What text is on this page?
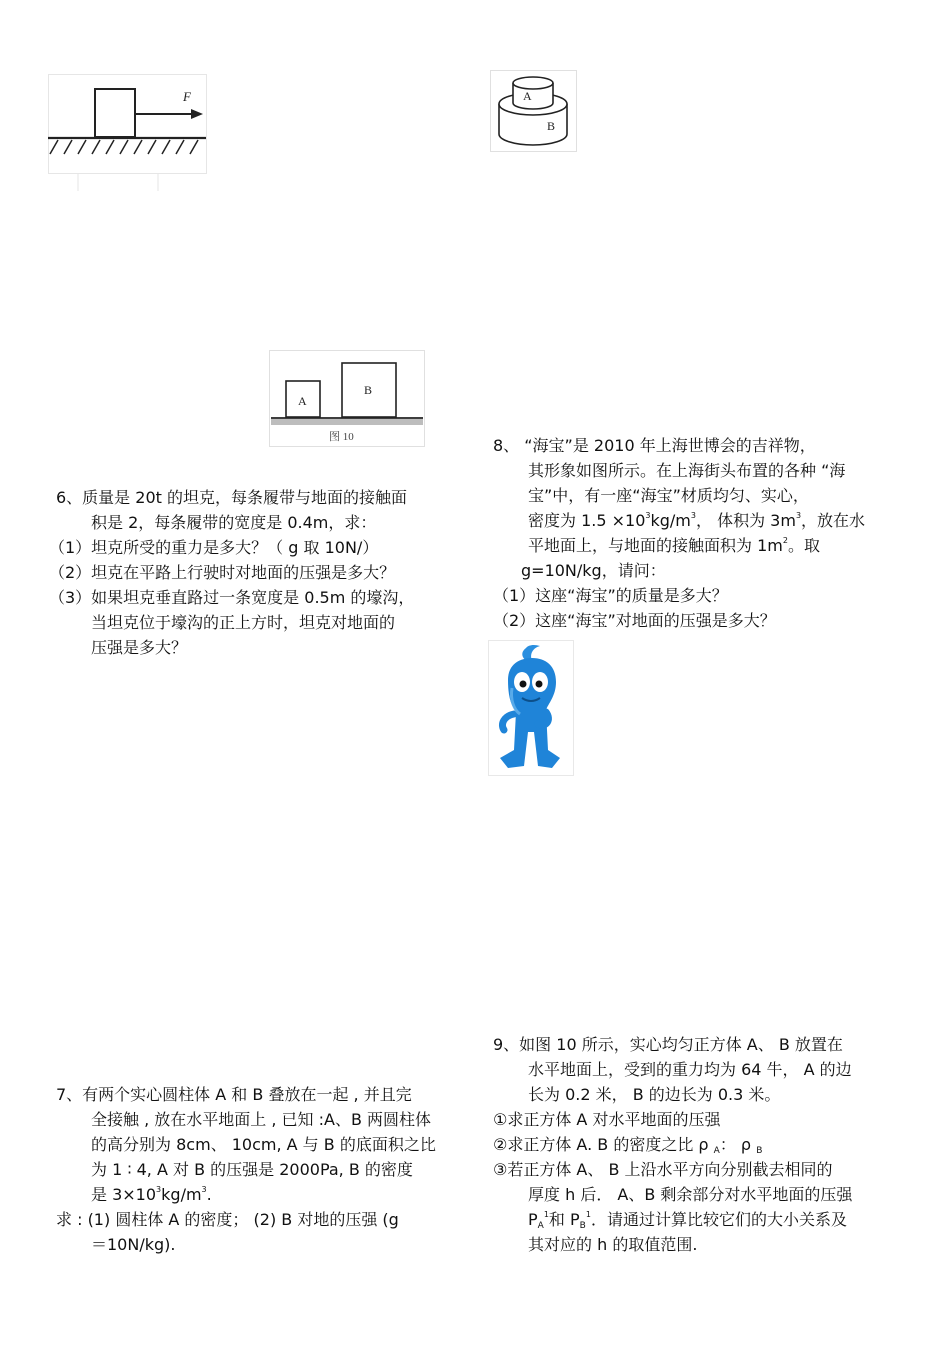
F	A
B
A
B
图 10
6、质量是 20t 的坦克，每条履带与地面的接触面
积是 2，每条履带的宽度是 0.4m，求：
（1）坦克所受的重力是多大？（ g 取 10N/）
（2）坦克在平路上行驶时对地面的压强是多大？
（3）如果坦克垂直路过一条宽度是 0.5m 的壕沟，
当坦克位于壕沟的正上方时，坦克对地面的
压强是多大？
7、有两个实心圆柱体 A 和 B 叠放在一起 , 并且完
全接触 , 放在水平地面上 , 已知 :A、B 两圆柱体
的高分别为 8cm、 10cm, A 与 B 的底面积之比
为 1 ∶ 4, A 对 B 的压强是 2000Pa, B 的密度
是 $3\times 10^3kg/m^3$.
求 : (1) 圆柱体 A 的密度； (2) B 对地的压强 (g
＝10N/kg).
8、 “海宝”是 2010 年上海世博会的吉祥物，
其形象如图所示。在上海街头布置的各种 “海
宝”中，有一座“海宝”材质均匀、实心，
密度为 $1.5 \times 10^3kg/m^3$， 体积为 $3m^3$，放在水
平地面上，与地面的接触面积为 $1m^2$。取
g=10N/kg，请问：
（1）这座“海宝”的质量是多大？
（2）这座“海宝”对地面的压强是多大？
9、如图 10 所示，实心均匀正方体 A、 B 放置在
水平地面上，受到的重力均为 64 牛， A 的边
长为 0.2 米， B 的边长为 0.3 米。
①求正方体 A 对水平地面的压强
②求正方体 A. B 的密度之比 ρ $_A$： ρ $_B$
③若正方体 A、 B 上沿水平方向分别截去相同的
厚度 h 后． A、B 剩余部分对水平地面的压强
$P_A^1$和 $P_B^1$．请通过计算比较它们的大小关系及
其对应的 h 的取值范围.
